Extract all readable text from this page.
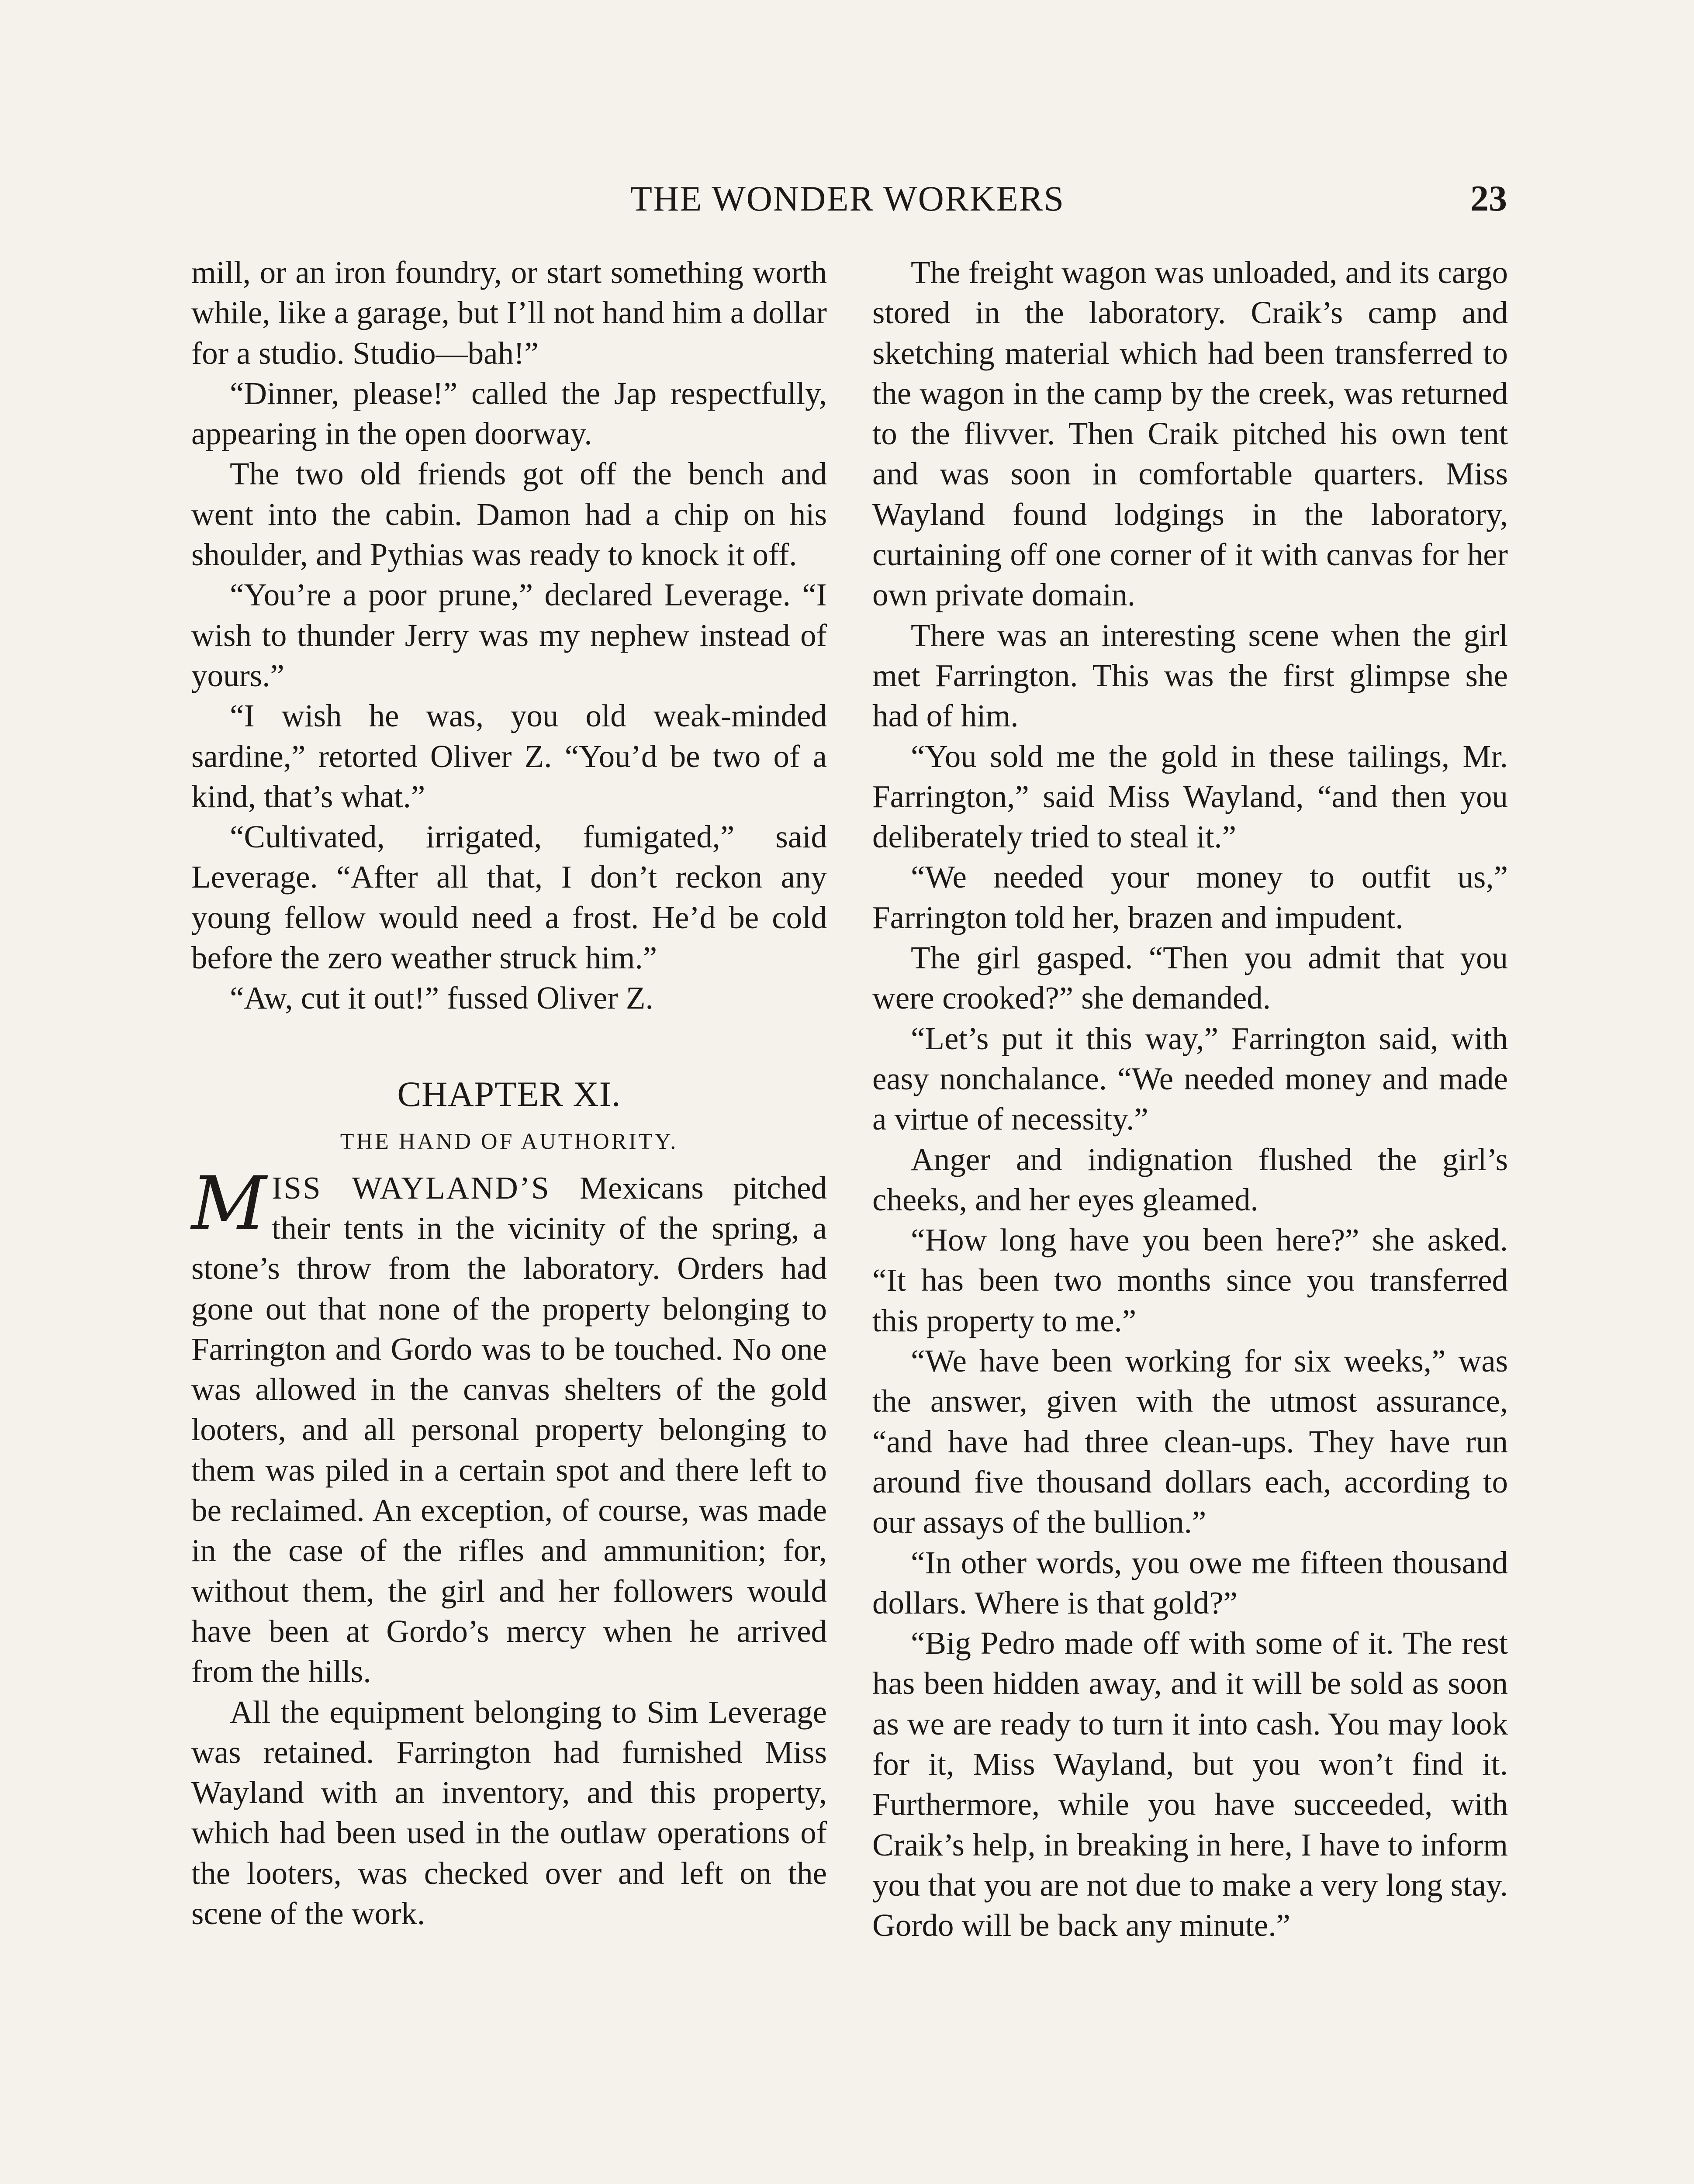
THE WONDER WORKERS	23

mill, or an iron foundry, or start something worth while, like a garage, but I’ll not hand him a dollar for a studio. Studio—bah!”

“Dinner, please!” called the Jap respectfully, appearing in the open doorway.

The two old friends got off the bench and went into the cabin. Damon had a chip on his shoulder, and Pythias was ready to knock it off.

“You’re a poor prune,” declared Leverage. “I wish to thunder Jerry was my nephew instead of yours.”

“I wish he was, you old weak-minded sardine,” retorted Oliver Z. “You’d be two of a kind, that’s what.”

“Cultivated, irrigated, fumigated,” said Leverage. “After all that, I don’t reckon any young fellow would need a frost. He’d be cold before the zero weather struck him.”

“Aw, cut it out!” fussed Oliver Z.

CHAPTER XI.
THE HAND OF AUTHORITY.

MISS WAYLAND’S Mexicans pitched their tents in the vicinity of the spring, a stone’s throw from the laboratory. Orders had gone out that none of the property belonging to Farrington and Gordo was to be touched. No one was allowed in the canvas shelters of the gold looters, and all personal property belonging to them was piled in a certain spot and there left to be reclaimed. An exception, of course, was made in the case of the rifles and ammunition; for, without them, the girl and her followers would have been at Gordo’s mercy when he arrived from the hills.

All the equipment belonging to Sim Leverage was retained. Farrington had furnished Miss Wayland with an inventory, and this property, which had been used in the outlaw operations of the looters, was checked over and left on the scene of the work.

The freight wagon was unloaded, and its cargo stored in the laboratory. Craik’s camp and sketching material which had been transferred to the wagon in the camp by the creek, was returned to the flivver. Then Craik pitched his own tent and was soon in comfortable quarters. Miss Wayland found lodgings in the laboratory, curtaining off one corner of it with canvas for her own private domain.

There was an interesting scene when the girl met Farrington. This was the first glimpse she had of him.

“You sold me the gold in these tailings, Mr. Farrington,” said Miss Wayland, “and then you deliberately tried to steal it.”

“We needed your money to outfit us,” Farrington told her, brazen and impudent.

The girl gasped. “Then you admit that you were crooked?” she demanded.

“Let’s put it this way,” Farrington said, with easy nonchalance. “We needed money and made a virtue of necessity.”

Anger and indignation flushed the girl’s cheeks, and her eyes gleamed.

“How long have you been here?” she asked. “It has been two months since you transferred this property to me.”

“We have been working for six weeks,” was the answer, given with the utmost assurance, “and have had three clean-ups. They have run around five thousand dollars each, according to our assays of the bullion.”

“In other words, you owe me fifteen thousand dollars. Where is that gold?”

“Big Pedro made off with some of it. The rest has been hidden away, and it will be sold as soon as we are ready to turn it into cash. You may look for it, Miss Wayland, but you won’t find it. Furthermore, while you have succeeded, with Craik’s help, in breaking in here, I have to inform you that you are not due to make a very long stay. Gordo will be back any minute.”
